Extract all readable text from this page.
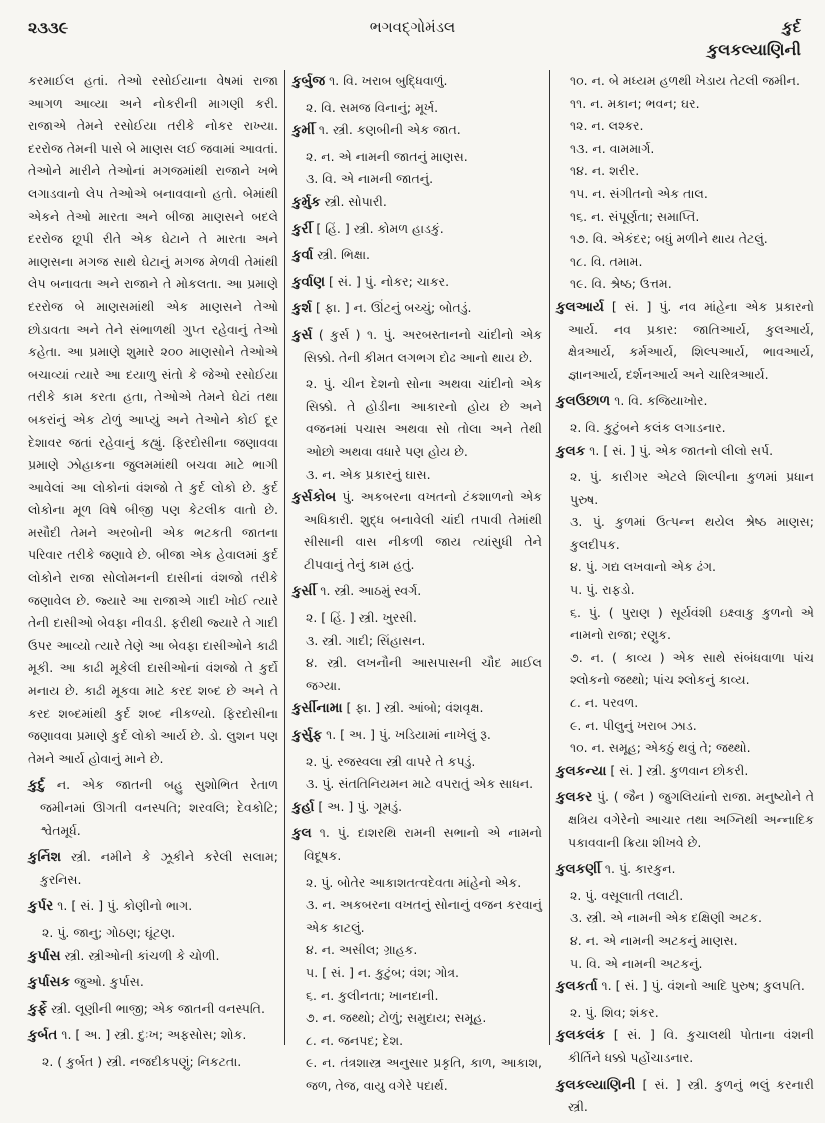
૨૩૩૯	ભગવદ્ગોમંડલ	કુર્દ
કુલકલ્યાણિની
કરમાઈલ હતાં. તેઓ રસોઈયાના વેષમાં રાજા આગળ આવ્યા અને નોકરીની માગણી કરી. રાજાએ તેમને રસોઈયા તરીકે નોકર રાખ્યા. દરરોજ તેમની પાસે બે માણસ લઈ જવામાં આવતાં. તેઓને મારીને તેઓનાં મગજમાંથી રાજાને ખભે લગાડવાનો લેપ તેઓએ બનાવવાનો હતો. બેમાંથી એકને તેઓ મારતા અને બીજા માણસને બદલે દરરોજ છૂપી રીતે એક ઘેટાને તે મારતા અને માણસના મગજ સાથે ઘેટાનું મગજ મેળવી તેમાંથી લેપ બનાવતા અને રાજાને તે મોકલતા. આ પ્રમાણે દરરોજ બે માણસમાંથી એક માણસને તેઓ છોડાવતા અને તેને સંભાળથી ગુપ્ત રહેવાનું તેઓ કહેતા. આ પ્રમાણે શુમારે ૨૦૦ માણસોને તેઓએ બચાવ્યાં ત્યારે આ દયાળુ સંતો કે જેઓ રસોઈયા તરીકે કામ કરતા હતા, તેઓએ તેમને ઘેટાં તથા બકરાંનું એક ટોળું આપ્યું અને તેઓને કોઈ દૂર દેશાવર જતાં રહેવાનું કહ્યું. ફિરદોસીના જણાવવા પ્રમાણે ઝોહાકના જુલમમાંથી બચવા માટે ભાગી આવેલાં આ લોકોનાં વંશજો તે કુર્દ લોકો છે. કુર્દ લોકોના મૂળ વિષે બીજી પણ કેટલીક વાતો છે. મસૌદી તેમને અરબોની એક ભટકતી જાતના પરિવાર તરીકે જણાવે છે. બીજા એક હેવાલમાં કુર્દ લોકોને રાજા સોલોમનની દાસીનાં વંશજો તરીકે જણાવેલ છે. જ્યારે આ રાજાએ ગાદી ખોઈ ત્યારે તેની દાસીઓ બેવફા નીવડી. ફરીથી જ્યારે તે ગાદી ઉપર આવ્યો ત્યારે તેણે આ બેવફા દાસીઓને કાઢી મૂકી. આ કાઢી મૂકેલી દાસીઓનાં વંશજો તે કુર્દો મનાય છે. કાઢી મૂકવા માટે કરદ શબ્દ છે અને તે કરદ શબ્દમાંથી કુર્દ શબ્દ નીકળ્યો. ફિરદોસીના જણાવવા પ્રમાણે કુર્દ લોકો આર્ય છે. ડો. લુશન પણ તેમને આર્ય હોવાનું માને છે.
કુર્દુ ન. એક જાતની બહુ સુશોભિત રેતાળ જમીનમાં ઊગતી વનસ્પતિ; શરવલિ; દેવકોટિ; શ્વેતમૂર્ધ.
કુર્નિશ સ્ત્રી. નમીને કે ઝૂકીને કરેલી સલામ; કુરનિસ.
કુર્પર ૧. [ સં. ] પું. કોણીનો ભાગ.
૨. પું. જાનુ; ગોઠણ; ઘૂંટણ.
કુર્પાસ સ્ત્રી. સ્ત્રીઓની કાંચળી કે ચોળી.
કુર્પાસક જુઓ. કુર્પાસ.
કુર્ફે સ્ત્રી. લૂણીની ભાજી; એક જાતની વનસ્પતિ.
કુર્બત ૧. [ અ. ] સ્ત્રી. દુઃખ; અફસોસ; શોક.
૨. ( કુર્બત ) સ્ત્રી. નજદીકપણું; નિકટતા.
કુર્બુજ ૧. વિ. ખરાબ બુદ્ધિવાળું.
૨. વિ. સમજ વિનાનું; મૂર્ખ.
કુર્મી ૧. સ્ત્રી. કણબીની એક જાત.
૨. ન. એ નામની જાતનું માણસ.
૩. વિ. એ નામની જાતનું.
કુર્મુક સ્ત્રી. સોપારી.
કુર્રી [ હિં. ] સ્ત્રી. કોમળ હાડકું.
કુર્વા સ્ત્રી. ભિક્ષા.
કુર્વાણ [ સં. ] પું. નોકર; ચાકર.
કુર્શ [ ફા. ] ન. ઊંટનું બચ્ચું; બોતડું.
કુર્સ ( કુર્સ ) ૧. પું. અરબસ્તાનનો ચાંદીનો એક સિક્કો. તેની કીમત લગભગ દોઢ આનો થાય છે.
૨. પું. ચીન દેશનો સોના અથવા ચાંદીનો એક સિક્કો. તે હોડીના આકારનો હોય છે અને વજનમાં પચાસ અથવા સો તોલા અને તેથી ઓછો અથવા વધારે પણ હોય છે.
૩. ન. એક પ્રકારનું ઘાસ.
કુર્સકોબ પું. અકબરના વખતનો ટંકશાળનો એક અધિકારી. શુદ્ધ બનાવેલી ચાંદી તપાવી તેમાંથી સીસાની વાસ નીકળી જાય ત્યાંસુધી તેને ટીપવાનું તેનું કામ હતું.
કુર્સી ૧. સ્ત્રી. આઠમું સ્વર્ગ.
૨. [ હિં. ] સ્ત્રી. ખુરસી.
૩. સ્ત્રી. ગાદી; સિંહાસન.
૪. સ્ત્રી. લખનૌની આસપાસની ચૌદ માઈલ જગ્યા.
કુર્સીનામા [ ફા. ] સ્ત્રી. આંબો; વંશવૃક્ષ.
કુર્સુફ ૧. [ અ. ] પું. ખડિયામાં નાખેલું રૂ.
૨. પું. રજસ્વલા સ્ત્રી વાપરે તે કપડું.
૩. પું. સંતતિનિયમન માટે વપરાતું એક સાધન.
કુર્હા [ અ. ] પું. ગૂમડું.
કુલ ૧. પું. દાશરથિ રામની સભાનો એ નામનો વિદૂષક.
૨. પું. બોતેર આકાશતત્વદેવતા માંહેનો એક.
૩. ન. અકબરના વખતનું સોનાનું વજન કરવાનું એક કાટલું.
૪. ન. અસીલ; ગ્રાહક.
૫. [ સં. ] ન. કુટુંબ; વંશ; ગોત્ર.
૬. ન. કુલીનતા; ખાનદાની.
૭. ન. જથ્થો; ટોળું; સમુદાય; સમૂહ.
૮. ન. જનપદ; દેશ.
૯. ન. તંત્રશાસ્ત્ર અનુસાર પ્રકૃતિ, કાળ, આકાશ, જળ, તેજ, વાયુ વગેરે પદાર્થ.
૧૦. ન. બે મધ્યમ હળથી ખેડાય તેટલી જમીન.
૧૧. ન. મકાન; ભવન; ઘર.
૧૨. ન. લશ્કર.
૧૩. ન. વામમાર્ગ.
૧૪. ન. શરીર.
૧૫. ન. સંગીતનો એક તાલ.
૧૬. ન. સંપૂર્ણતા; સમાપ્તિ.
૧૭. વિ. એકંદર; બધું મળીને થાય તેટલું.
૧૮. વિ. તમામ.
૧૯. વિ. શ્રેષ્ઠ; ઉત્તમ.
કુલઆર્ય [ સં. ] પું. નવ માંહેના એક પ્રકારનો આર્ય. નવ પ્રકાર: જાતિઆર્ય, કુલઆર્ય, ક્ષેત્રઆર્ય, કર્મઆર્ય, શિલ્પઆર્ય, ભાવઆર્ય, જ્ઞાનઆર્ય, દર્શનઆર્ય અને ચારિત્રઆર્ય.
કુલઉછાળ ૧. વિ. કજિયાખોર.
૨. વિ. કુટુંબને કલંક લગાડનાર.
કુલક ૧. [ સં. ] પું. એક જાતનો લીલો સર્પ.
૨. પું. કારીગર એટલે શિલ્પીના કુળમાં પ્રધાન પુરુષ.
૩. પું. કુળમાં ઉત્પન્ન થયેલ શ્રેષ્ઠ માણસ; કુલદીપક.
૪. પું. ગદ્ય લખવાનો એક ઢંગ.
૫. પું. રાફડો.
૬. પું. ( પુરાણ ) સૂર્યવંશી ઇક્ષ્વાકુ કુળનો એ નામનો રાજા; રણુક.
૭. ન. ( કાવ્ય ) એક સાથે સંબંધવાળા પાંચ શ્લોકનો જથ્થો; પાંચ શ્લોકનું કાવ્ય.
૮. ન. પરવળ.
૯. ન. પીલુનું ખરાબ ઝાડ.
૧૦. ન. સમૂહ; એકઠું થવું તે; જથ્થો.
કુલકન્યા [ સં. ] સ્ત્રી. કુળવાન છોકરી.
કુલકર પું. ( જૈન ) જુગલિયાંનો રાજા. મનુષ્યોને તે ક્ષત્રિય વગેરેનો આચાર તથા અગ્નિથી અન્નાદિક પકાવવાની ક્રિયા શીખવે છે.
કુલકર્ણી ૧. પું. કારકુન.
૨. પું. વસૂલાતી તલાટી.
૩. સ્ત્રી. એ નામની એક દક્ષિણી અટક.
૪. ન. એ નામની અટકનું માણસ.
૫. વિ. એ નામની અટકનું.
કુલકર્તા ૧. [ સં. ] પું. વંશનો આદિ પુરુષ; કુલપતિ.
૨. પું. શિવ; શંકર.
કુલકલંક [ સં. ] વિ. કુચાલથી પોતાના વંશની કીર્તિને ધક્કો પહોંચાડનાર.
કુલકલ્યાણિની [ સં. ] સ્ત્રી. કુળનું ભલું કરનારી સ્ત્રી.
